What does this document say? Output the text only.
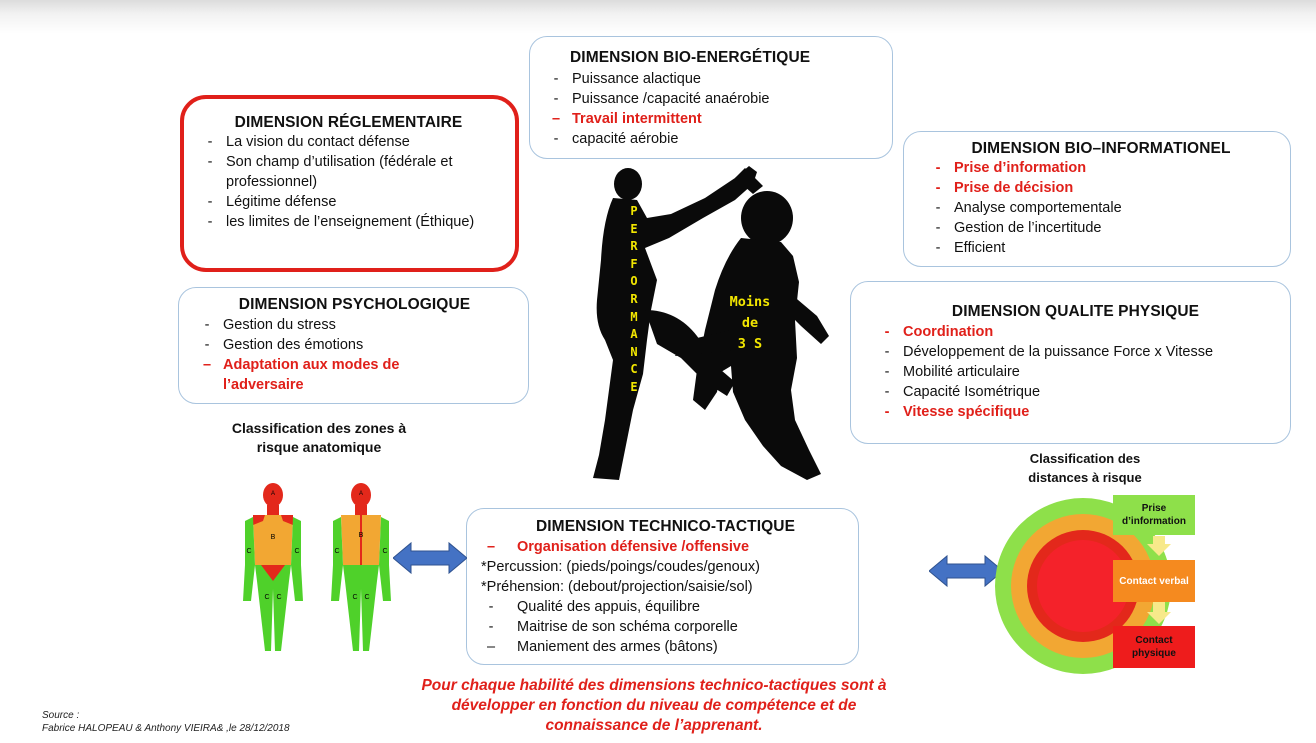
DIMENSION BIO-ENERGÉTIQUE
- Puissance alactique
- Puissance /capacité anaérobie
– Travail intermittent
- capacité aérobie
DIMENSION RÉGLEMENTAIRE
- La vision du contact défense
- Son champ d’utilisation (fédérale et professionnel)
- Légitime défense
- les limites de l’enseignement (Éthique)
DIMENSION BIO–INFORMATIONEL
- Prise d’information
- Prise de décision
- Analyse comportementale
- Gestion de l’incertitude
- Efficient
DIMENSION PSYCHOLOGIQUE
- Gestion du stress
- Gestion des émotions
– Adaptation aux modes de l’adversaire
DIMENSION QUALITE PHYSIQUE
- Coordination
- Développement de la puissance Force x Vitesse
- Mobilité articulaire
- Capacité Isométrique
- Vitesse spécifique
DIMENSION TECHNICO-TACTIQUE
–	Organisation défensive /offensive
*Percussion: (pieds/poings/coudes/genoux)
*Préhension: (debout/projection/saisie/sol)
-	Qualité des appuis, équilibre
-	Maitrise de son schéma corporelle
–	Maniement des armes (bâtons)
P
E
R
F
O
R
M
A
N
C
E
Moins
de
3 S
Classification des zones à risque anatomique
Classification des distances à risque
A
B
C	C
C C
A
B
C	C
C C
Prise d’information
Contact verbal
Contact physique
Pour chaque habilité des dimensions technico-tactiques sont à développer en fonction du niveau de compétence et de connaissance de l’apprenant.
Source :
Fabrice HALOPEAU & Anthony VIEIRA& ,le 28/12/2018
